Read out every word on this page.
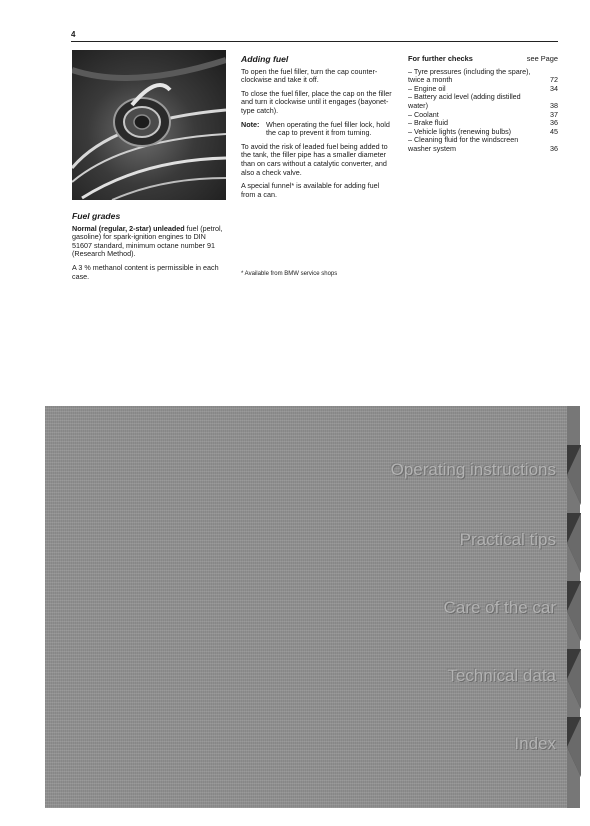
4
Fuel grades

Normal (regular, 2-star) unleaded fuel (petrol, gasoline) for spark-ignition engines to DIN 51607 standard, minimum octane number 91 (Research Method).

A 3 % methanol content is permissible in each case.

Adding fuel

To open the fuel filler, turn the cap counter-clockwise and take it off.

To close the fuel filler, place the cap on the filler and turn it clockwise until it engages (bayonet-type catch).

Note: When operating the fuel filler lock, hold the cap to prevent it from turning.

To avoid the risk of leaded fuel being added to the tank, the filler pipe has a smaller diameter than on cars without a catalytic converter, and also a check valve.

A special funnel* is available for adding fuel from a can.

* Available from BMW service shops
For further checks	see Page
– Tyre pressures (including the spare), twice a month	72
– Engine oil	34
– Battery acid level (adding distilled water)	38
– Coolant	37
– Brake fluid	36
– Vehicle lights (renewing bulbs)	45
– Cleaning fluid for the windscreen washer system	36
Operating instructions
Practical tips
Care of the car
Technical data
Index
